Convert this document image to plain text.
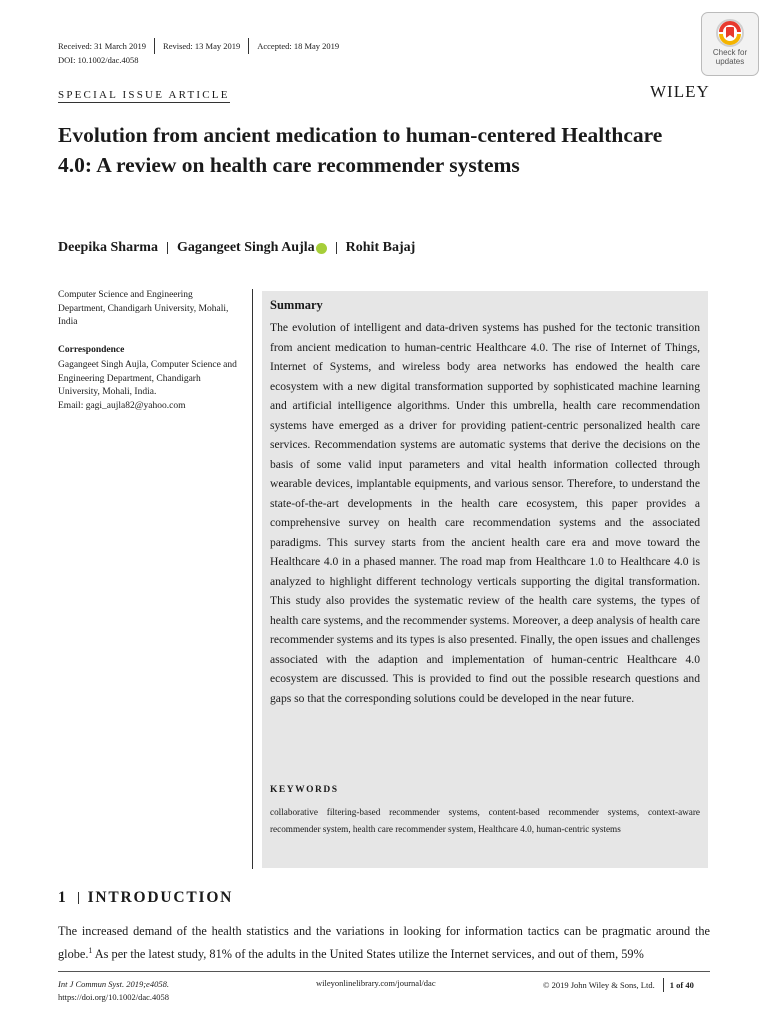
Received: 31 March 2019 Revised: 13 May 2019 Accepted: 18 May 2019
DOI: 10.1002/dac.4058
Check for updates
WILEY
SPECIAL ISSUE ARTICLE
Evolution from ancient medication to human-centered Healthcare 4.0: A review on health care recommender systems
Deepika Sharma Gagangeet Singh Aujla Rohit Bajaj
Computer Science and Engineering Department, Chandigarh University, Mohali, India
Correspondence
Gagangeet Singh Aujla, Computer Science and Engineering Department, Chandigarh University, Mohali, India.
Email: gagi_aujla82@yahoo.com
Summary
The evolution of intelligent and data-driven systems has pushed for the tectonic transition from ancient medication to human-centric Healthcare 4.0. The rise of Internet of Things, Internet of Systems, and wireless body area networks has endowed the health care ecosystem with a new digital transformation supported by sophisticated machine learning and artificial intelligence algorithms. Under this umbrella, health care recommendation systems have emerged as a driver for providing patient-centric personalized health care services. Recommendation systems are automatic systems that derive the decisions on the basis of some valid input parameters and vital health information collected through wearable devices, implantable equipments, and various sensor. Therefore, to understand the state-of-the-art developments in the health care ecosystem, this paper provides a comprehensive survey on health care recommendation systems and the associated paradigms. This survey starts from the ancient health care era and move toward the Healthcare 4.0 in a phased manner. The road map from Healthcare 1.0 to Healthcare 4.0 is analyzed to highlight different technology verticals supporting the digital transformation. This study also provides the systematic review of the health care systems, the types of health care systems, and the recommender systems. Moreover, a deep analysis of health care recommender systems and its types is also presented. Finally, the open issues and challenges associated with the adaption and implementation of human-centric Healthcare 4.0 ecosystem are discussed. This is provided to find out the possible research questions and gaps so that the corresponding solutions could be developed in the near future.
KEYWORDS
collaborative filtering-based recommender systems, content-based recommender systems, context-aware recommender system, health care recommender system, Healthcare 4.0, human-centric systems
1 INTRODUCTION
The increased demand of the health statistics and the variations in looking for information tactics can be pragmatic around the globe.$^1$ As per the latest study, 81% of the adults in the United States utilize the Internet services, and out of them, 59%
Int J Commun Syst. 2019;e4058.
https://doi.org/10.1002/dac.4058
wileyonlinelibrary.com/journal/dac	© 2019 John Wiley & Sons, Ltd. 1 of 40
